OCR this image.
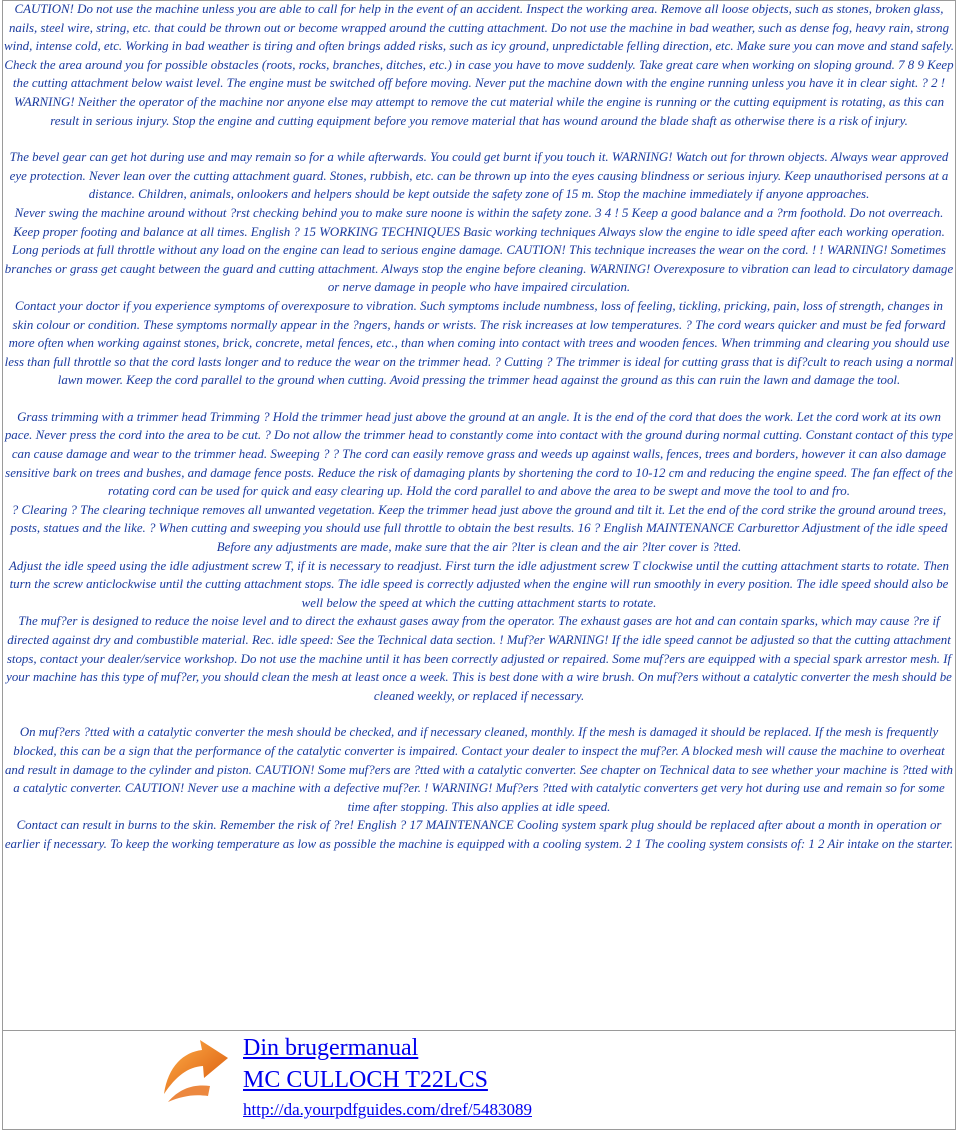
CAUTION! Do not use the machine unless you are able to call for help in the event of an accident. Inspect the working area. Remove all loose objects, such as stones, broken glass, nails, steel wire, string, etc. that could be thrown out or become wrapped around the cutting attachment. Do not use the machine in bad weather, such as dense fog, heavy rain, strong wind, intense cold, etc. Working in bad weather is tiring and often brings added risks, such as icy ground, unpredictable felling direction, etc. Make sure you can move and stand safely. Check the area around you for possible obstacles (roots, rocks, branches, ditches, etc.) in case you have to move suddenly. Take great care when working on sloping ground. 7 8 9 Keep the cutting attachment below waist level. The engine must be switched off before moving. Never put the machine down with the engine running unless you have it in clear sight. ? 2 ! WARNING! Neither the operator of the machine nor anyone else may attempt to remove the cut material while the engine is running or the cutting equipment is rotating, as this can result in serious injury. Stop the engine and cutting equipment before you remove material that has wound around the blade shaft as otherwise there is a risk of injury.

The bevel gear can get hot during use and may remain so for a while afterwards. You could get burnt if you touch it. WARNING! Watch out for thrown objects. Always wear approved eye protection. Never lean over the cutting attachment guard. Stones, rubbish, etc. can be thrown up into the eyes causing blindness or serious injury. Keep unauthorised persons at a distance. Children, animals, onlookers and helpers should be kept outside the safety zone of 15 m. Stop the machine immediately if anyone approaches.

Never swing the machine around without ?rst checking behind you to make sure noone is within the safety zone. 3 4 ! 5 Keep a good balance and a ?rm foothold. Do not overreach. Keep proper footing and balance at all times. English ? 15 WORKING TECHNIQUES Basic working techniques Always slow the engine to idle speed after each working operation.

Long periods at full throttle without any load on the engine can lead to serious engine damage. CAUTION! This technique increases the wear on the cord. ! ! WARNING! Sometimes branches or grass get caught between the guard and cutting attachment. Always stop the engine before cleaning. WARNING! Overexposure to vibration can lead to circulatory damage or nerve damage in people who have impaired circulation.

Contact your doctor if you experience symptoms of overexposure to vibration. Such symptoms include numbness, loss of feeling, tickling, pricking, pain, loss of strength, changes in skin colour or condition. These symptoms normally appear in the ?ngers, hands or wrists. The risk increases at low temperatures. ? The cord wears quicker and must be fed forward more often when working against stones, brick, concrete, metal fences, etc., than when coming into contact with trees and wooden fences. When trimming and clearing you should use less than full throttle so that the cord lasts longer and to reduce the wear on the trimmer head. ? Cutting ? The trimmer is ideal for cutting grass that is dif?cult to reach using a normal lawn mower. Keep the cord parallel to the ground when cutting. Avoid pressing the trimmer head against the ground as this can ruin the lawn and damage the tool.

Grass trimming with a trimmer head Trimming ? Hold the trimmer head just above the ground at an angle. It is the end of the cord that does the work. Let the cord work at its own pace. Never press the cord into the area to be cut. ? Do not allow the trimmer head to constantly come into contact with the ground during normal cutting. Constant contact of this type can cause damage and wear to the trimmer head. Sweeping ? ? The cord can easily remove grass and weeds up against walls, fences, trees and borders, however it can also damage sensitive bark on trees and bushes, and damage fence posts. Reduce the risk of damaging plants by shortening the cord to 10-12 cm and reducing the engine speed. The fan effect of the rotating cord can be used for quick and easy clearing up. Hold the cord parallel to and above the area to be swept and move the tool to and fro.

? Clearing ? The clearing technique removes all unwanted vegetation. Keep the trimmer head just above the ground and tilt it. Let the end of the cord strike the ground around trees, posts, statues and the like. ? When cutting and sweeping you should use full throttle to obtain the best results. 16 ? English MAINTENANCE Carburettor Adjustment of the idle speed Before any adjustments are made, make sure that the air ?lter is clean and the air ?lter cover is ?tted.

Adjust the idle speed using the idle adjustment screw T, if it is necessary to readjust. First turn the idle adjustment screw T clockwise until the cutting attachment starts to rotate. Then turn the screw anticlockwise until the cutting attachment stops. The idle speed is correctly adjusted when the engine will run smoothly in every position. The idle speed should also be well below the speed at which the cutting attachment starts to rotate.

The muf?er is designed to reduce the noise level and to direct the exhaust gases away from the operator. The exhaust gases are hot and can contain sparks, which may cause ?re if directed against dry and combustible material. Rec. idle speed: See the Technical data section. ! Muf?er WARNING! If the idle speed cannot be adjusted so that the cutting attachment stops, contact your dealer/service workshop. Do not use the machine until it has been correctly adjusted or repaired. Some muf?ers are equipped with a special spark arrestor mesh. If your machine has this type of muf?er, you should clean the mesh at least once a week. This is best done with a wire brush. On muf?ers without a catalytic converter the mesh should be cleaned weekly, or replaced if necessary.

On muf?ers ?tted with a catalytic converter the mesh should be checked, and if necessary cleaned, monthly. If the mesh is damaged it should be replaced. If the mesh is frequently blocked, this can be a sign that the performance of the catalytic converter is impaired. Contact your dealer to inspect the muf?er. A blocked mesh will cause the machine to overheat and result in damage to the cylinder and piston. CAUTION! Some muf?ers are ?tted with a catalytic converter. See chapter on Technical data to see whether your machine is ?tted with a catalytic converter. CAUTION! Never use a machine with a defective muf?er. ! WARNING! Muf?ers ?tted with catalytic converters get very hot during use and remain so for some time after stopping. This also applies at idle speed.

Contact can result in burns to the skin. Remember the risk of ?re! English ? 17 MAINTENANCE Cooling system spark plug should be replaced after about a month in operation or earlier if necessary. To keep the working temperature as low as possible the machine is equipped with a cooling system. 2 1 The cooling system consists of: 1 2 Air intake on the starter.

Din brugermanual
MC CULLOCH T22LCS
http://da.yourpdfguides.com/dref/5483089
